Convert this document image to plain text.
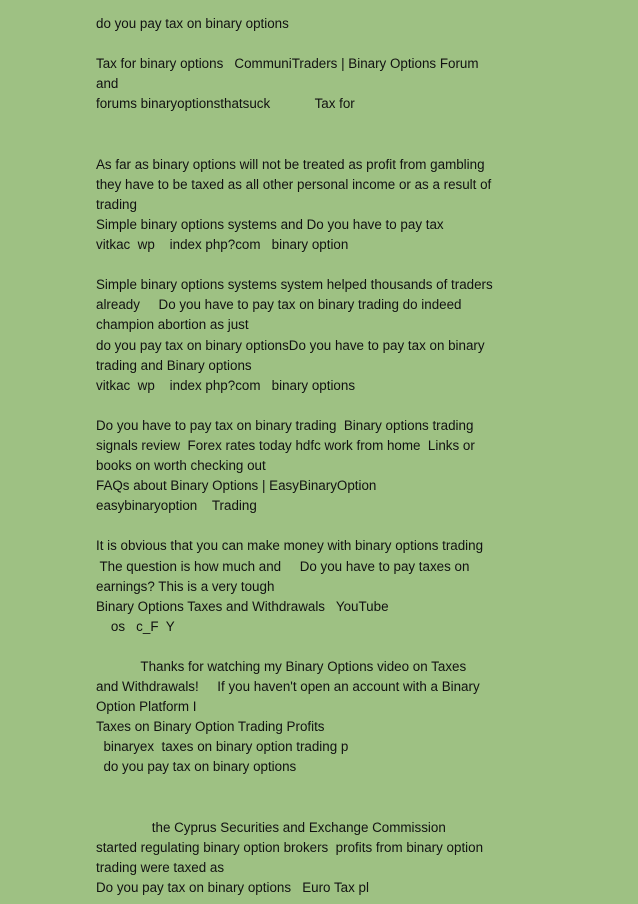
do you pay tax on binary options
Tax for binary options   CommuniTraders | Binary Options Forum
and
forums binaryoptionsthatsuck            Tax for
As far as binary options will not be treated as profit from gambling
they have to be taxed as all other personal income or as a result of
trading
Simple binary options systems and Do you have to pay tax
vitkac  wp    index php?com   binary option
Simple binary options systems system helped thousands of traders
already     Do you have to pay tax on binary trading do indeed
champion abortion as just
do you pay tax on binary optionsDo you have to pay tax on binary
trading and Binary options
vitkac  wp    index php?com   binary options
Do you have to pay tax on binary trading  Binary options trading
signals review  Forex rates today hdfc work from home  Links or
books on worth checking out
FAQs about Binary Options | EasyBinaryOption
easybinaryoption    Trading
It is obvious that you can make money with binary options trading
The question is how much and     Do you have to pay taxes on
earnings? This is a very tough
Binary Options Taxes and Withdrawals   YouTube
os   c_F  Y
Thanks for watching my Binary Options video on Taxes
and Withdrawals!     If you haven't open an account with a Binary
Option Platform I
Taxes on Binary Option Trading Profits
binaryex  taxes on binary option trading p
do you pay tax on binary options
the Cyprus Securities and Exchange Commission
started regulating binary option brokers  profits from binary option
trading were taxed as
Do you pay tax on binary options   Euro Tax pl
